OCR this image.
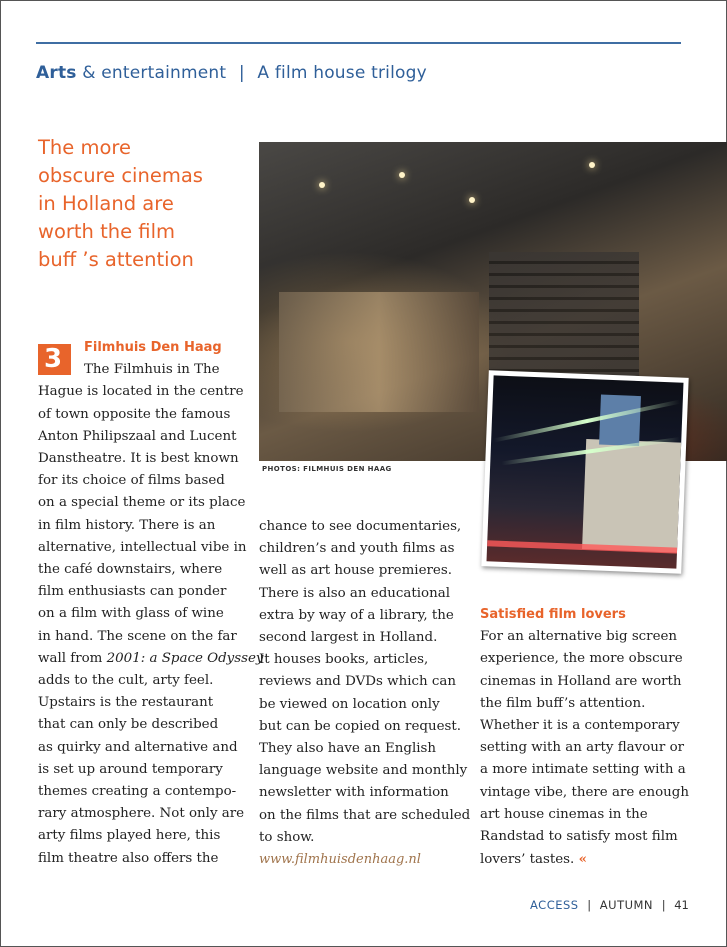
Arts & entertainment | A film house trilogy
The more
obscure cinemas
in Holland are
worth the film
buff ’s attention
PHOTOS: FILMHUIS DEN HAAG
3	Filmhuis Den Haag
The Filmhuis in The
Hague is located in the centre
of town opposite the famous
Anton Philipszaal and Lucent
Danstheatre. It is best known
for its choice of films based
on a special theme or its place
in film history. There is an
alternative, intellectual vibe in
the café downstairs, where
film enthusiasts can ponder
on a film with glass of wine
in hand. The scene on the far
wall from 2001: a Space Odyssey
adds to the cult, arty feel.
Upstairs is the restaurant
that can only be described
as quirky and alternative and
is set up around temporary
themes creating a contempo-
rary atmosphere. Not only are
arty films played here, this
film theatre also offers the
chance to see documentaries,
children’s and youth films as
well as art house premieres.
There is also an educational
extra by way of a library, the
second largest in Holland.
It houses books, articles,
reviews and DVDs which can
be viewed on location only
but can be copied on request.
They also have an English
language website and monthly
newsletter with information
on the films that are scheduled
to show.
www.filmhuisdenhaag.nl
Satisfied film lovers
For an alternative big screen
experience, the more obscure
cinemas in Holland are worth
the film buff’s attention.
Whether it is a contemporary
setting with an arty flavour or
a more intimate setting with a
vintage vibe, there are enough
art house cinemas in the
Randstad to satisfy most film
lovers’ tastes. «
ACCESS | AUTUMN | 41
